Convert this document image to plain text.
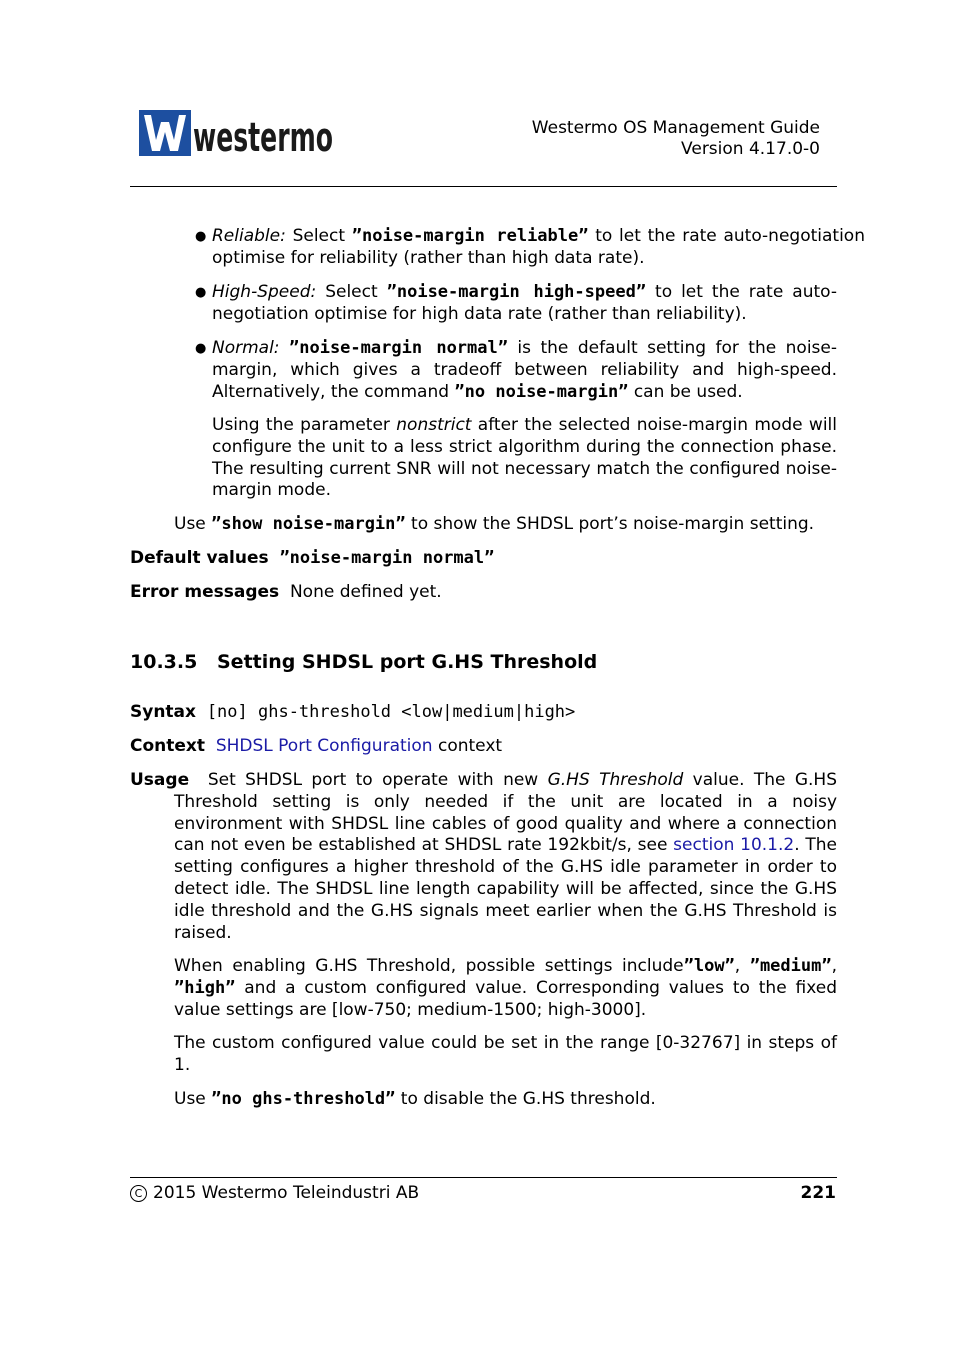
westermo	Westermo OS Management Guide
Version 4.17.0-0
● Reliable: Select ”noise-margin reliable” to let the rate auto-negotiation optimise for reliability (rather than high data rate).
● High-Speed: Select ”noise-margin high-speed” to let the rate auto-negotiation optimise for high data rate (rather than reliability).
● Normal: ”noise-margin normal” is the default setting for the noise-margin, which gives a tradeoff between reliability and high-speed. Alternatively, the command ”no noise-margin” can be used.
Using the parameter nonstrict after the selected noise-margin mode will configure the unit to a less strict algorithm during the connection phase. The resulting current SNR will not necessary match the configured noise-margin mode.
Use ”show noise-margin” to show the SHDSL port’s noise-margin setting.
Default values ”noise-margin normal”
Error messages None defined yet.
10.3.5 Setting SHDSL port G.HS Threshold
Syntax [no] ghs-threshold <low|medium|high>
Context SHDSL Port Configuration context
Usage Set SHDSL port to operate with new G.HS Threshold value. The G.HS Threshold setting is only needed if the unit are located in a noisy environment with SHDSL line cables of good quality and where a connection can not even be established at SHDSL rate 192kbit/s, see section 10.1.2. The setting configures a higher threshold of the G.HS idle parameter in order to detect idle. The SHDSL line length capability will be affected, since the G.HS idle threshold and the G.HS signals meet earlier when the G.HS Threshold is raised.
When enabling G.HS Threshold, possible settings include”low”, ”medium”, ”high” and a custom configured value. Corresponding values to the fixed value settings are [low-750; medium-1500; high-3000].
The custom configured value could be set in the range [0-32767] in steps of 1.
Use ”no ghs-threshold” to disable the G.HS threshold.
C 2015 Westermo Teleindustri AB	221
